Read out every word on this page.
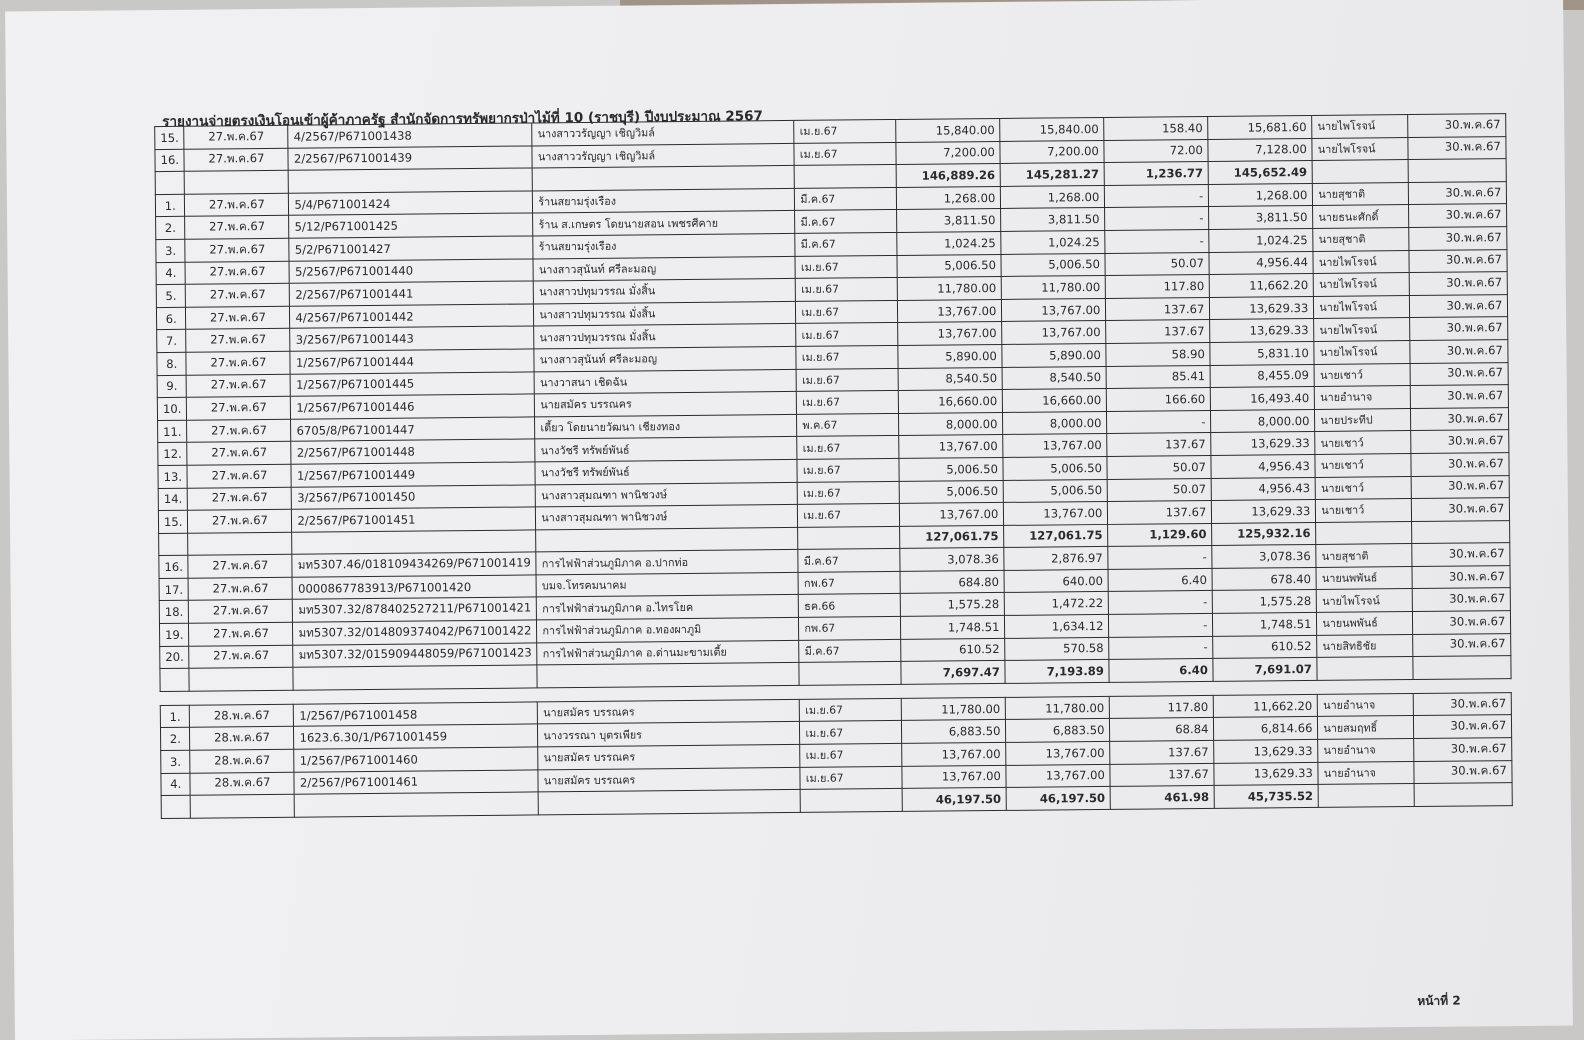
รายงานจ่ายตรงเงินโอนเข้าผู้ค้าภาครัฐ สำนักจัดการทรัพยากรป่าไม้ที่ 10 (ราชบุรี) ปีงบประมาณ 2567
15.	27.พ.ค.67	4/2567/P671001438	นางสาววรัญญา เชิญวิมล์	เม.ย.67	15,840.00	15,840.00	158.40	15,681.60	นายไพโรจน์	30.พ.ค.67
16.	27.พ.ค.67	2/2567/P671001439	นางสาววรัญญา เชิญวิมล์	เม.ย.67	7,200.00	7,200.00	72.00	7,128.00	นายไพโรจน์	30.พ.ค.67
					146,889.26	145,281.27	1,236.77	145,652.49		
1.	27.พ.ค.67	5/4/P671001424	ร้านสยามรุ่งเรือง	มี.ค.67	1,268.00	1,268.00	-	1,268.00	นายสุชาติ	30.พ.ค.67
2.	27.พ.ค.67	5/12/P671001425	ร้าน ส.เกษตร โดยนายสอน เพชรศีคาย	มี.ค.67	3,811.50	3,811.50	-	3,811.50	นายธนะศักดิ์	30.พ.ค.67
3.	27.พ.ค.67	5/2/P671001427	ร้านสยามรุ่งเรือง	มี.ค.67	1,024.25	1,024.25	-	1,024.25	นายสุชาติ	30.พ.ค.67
4.	27.พ.ค.67	5/2567/P671001440	นางสาวสุนันท์ ศรีละมอญ	เม.ย.67	5,006.50	5,006.50	50.07	4,956.44	นายไพโรจน์	30.พ.ค.67
5.	27.พ.ค.67	2/2567/P671001441	นางสาวปทุมวรรณ มั่งสิ้น	เม.ย.67	11,780.00	11,780.00	117.80	11,662.20	นายไพโรจน์	30.พ.ค.67
6.	27.พ.ค.67	4/2567/P671001442	นางสาวปทุมวรรณ มั่งสิ้น	เม.ย.67	13,767.00	13,767.00	137.67	13,629.33	นายไพโรจน์	30.พ.ค.67
7.	27.พ.ค.67	3/2567/P671001443	นางสาวปทุมวรรณ มั่งสิ้น	เม.ย.67	13,767.00	13,767.00	137.67	13,629.33	นายไพโรจน์	30.พ.ค.67
8.	27.พ.ค.67	1/2567/P671001444	นางสาวสุนันท์ ศรีละมอญ	เม.ย.67	5,890.00	5,890.00	58.90	5,831.10	นายไพโรจน์	30.พ.ค.67
9.	27.พ.ค.67	1/2567/P671001445	นางวาสนา เชิดฉัน	เม.ย.67	8,540.50	8,540.50	85.41	8,455.09	นายเชาว์	30.พ.ค.67
10.	27.พ.ค.67	1/2567/P671001446	นายสมัคร บรรณคร	เม.ย.67	16,660.00	16,660.00	166.60	16,493.40	นายอำนาจ	30.พ.ค.67
11.	27.พ.ค.67	6705/8/P671001447	เตี้ยว โดยนายวัฒนา เชียงทอง	พ.ค.67	8,000.00	8,000.00	-	8,000.00	นายประทีป	30.พ.ค.67
12.	27.พ.ค.67	2/2567/P671001448	นางวัชรี ทรัพย์พันธ์	เม.ย.67	13,767.00	13,767.00	137.67	13,629.33	นายเชาว์	30.พ.ค.67
13.	27.พ.ค.67	1/2567/P671001449	นางวัชรี ทรัพย์พันธ์	เม.ย.67	5,006.50	5,006.50	50.07	4,956.43	นายเชาว์	30.พ.ค.67
14.	27.พ.ค.67	3/2567/P671001450	นางสาวสุมณฑา พานิชวงษ์	เม.ย.67	5,006.50	5,006.50	50.07	4,956.43	นายเชาว์	30.พ.ค.67
15.	27.พ.ค.67	2/2567/P671001451	นางสาวสุมณฑา พานิชวงษ์	เม.ย.67	13,767.00	13,767.00	137.67	13,629.33	นายเชาว์	30.พ.ค.67
					127,061.75	127,061.75	1,129.60	125,932.16		
16.	27.พ.ค.67	มท5307.46/018109434269/P671001419	การไฟฟ้าส่วนภูมิภาค อ.ปากท่อ	มี.ค.67	3,078.36	2,876.97	-	3,078.36	นายสุชาติ	30.พ.ค.67
17.	27.พ.ค.67	0000867783913/P671001420	บมจ.โทรคมนาคม	กพ.67	684.80	640.00	6.40	678.40	นายนพพันธ์	30.พ.ค.67
18.	27.พ.ค.67	มท5307.32/878402527211/P671001421	การไฟฟ้าส่วนภูมิภาค อ.ไทรโยค	ธค.66	1,575.28	1,472.22	-	1,575.28	นายไพโรจน์	30.พ.ค.67
19.	27.พ.ค.67	มท5307.32/014809374042/P671001422	การไฟฟ้าส่วนภูมิภาค อ.ทองผาภูมิ	กพ.67	1,748.51	1,634.12	-	1,748.51	นายนพพันธ์	30.พ.ค.67
20.	27.พ.ค.67	มท5307.32/015909448059/P671001423	การไฟฟ้าส่วนภูมิภาค อ.ด่านมะขามเตี้ย	มี.ค.67	610.52	570.58	-	610.52	นายสิทธิชัย	30.พ.ค.67
					7,697.47	7,193.89	6.40	7,691.07		

1.	28.พ.ค.67	1/2567/P671001458	นายสมัคร บรรณคร	เม.ย.67	11,780.00	11,780.00	117.80	11,662.20	นายอำนาจ	30.พ.ค.67
2.	28.พ.ค.67	1623.6.30/1/P671001459	นางวรรณา บุตรเพียร	เม.ย.67	6,883.50	6,883.50	68.84	6,814.66	นายสมฤทธิ์	30.พ.ค.67
3.	28.พ.ค.67	1/2567/P671001460	นายสมัคร บรรณคร	เม.ย.67	13,767.00	13,767.00	137.67	13,629.33	นายอำนาจ	30.พ.ค.67
4.	28.พ.ค.67	2/2567/P671001461	นายสมัคร บรรณคร	เม.ย.67	13,767.00	13,767.00	137.67	13,629.33	นายอำนาจ	30.พ.ค.67
					46,197.50	46,197.50	461.98	45,735.52		
หน้าที่ 2
